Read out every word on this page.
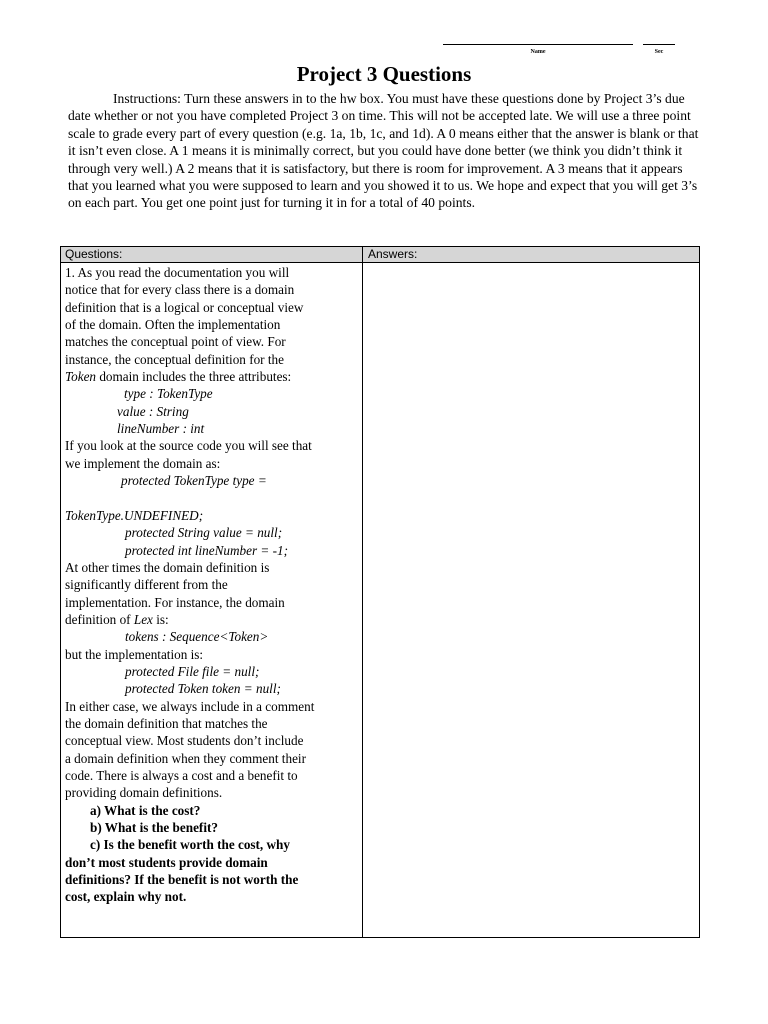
Name	Sec
Project 3 Questions

Instructions: Turn these answers in to the hw box. You must have these questions done by Project 3’s due date whether or not you have completed Project 3 on time. This will not be accepted late. We will use a three point scale to grade every part of every question (e.g. 1a, 1b, 1c, and 1d). A 0 means either that the answer is blank or that it isn’t even close. A 1 means it is minimally correct, but you could have done better (we think you didn’t think it through very well.) A 2 means that it is satisfactory, but there is room for improvement. A 3 means that it appears that you learned what you were supposed to learn and you showed it to us. We hope and expect that you will get 3’s on each part. You get one point just for turning it in for a total of 40 points.

Questions:	Answers:
1. As you read the documentation you will
notice that for every class there is a domain
definition that is a logical or conceptual view
of the domain. Often the implementation
matches the conceptual point of view. For
instance, the conceptual definition for the
Token domain includes the three attributes:
type : TokenType
value : String
lineNumber : int
If you look at the source code you will see that
we implement the domain as:
protected TokenType type =

TokenType.UNDEFINED;
protected String value = null;
protected int lineNumber = -1;
At other times the domain definition is
significantly different from the
implementation. For instance, the domain
definition of Lex is:
tokens : Sequence<Token>
but the implementation is:
protected File file = null;
protected Token token = null;
In either case, we always include in a comment
the domain definition that matches the
conceptual view. Most students don’t include
a domain definition when they comment their
code. There is always a cost and a benefit to
providing domain definitions.
a) What is the cost?
b) What is the benefit?
c) Is the benefit worth the cost, why
don’t most students provide domain
definitions? If the benefit is not worth the
cost, explain why not.
